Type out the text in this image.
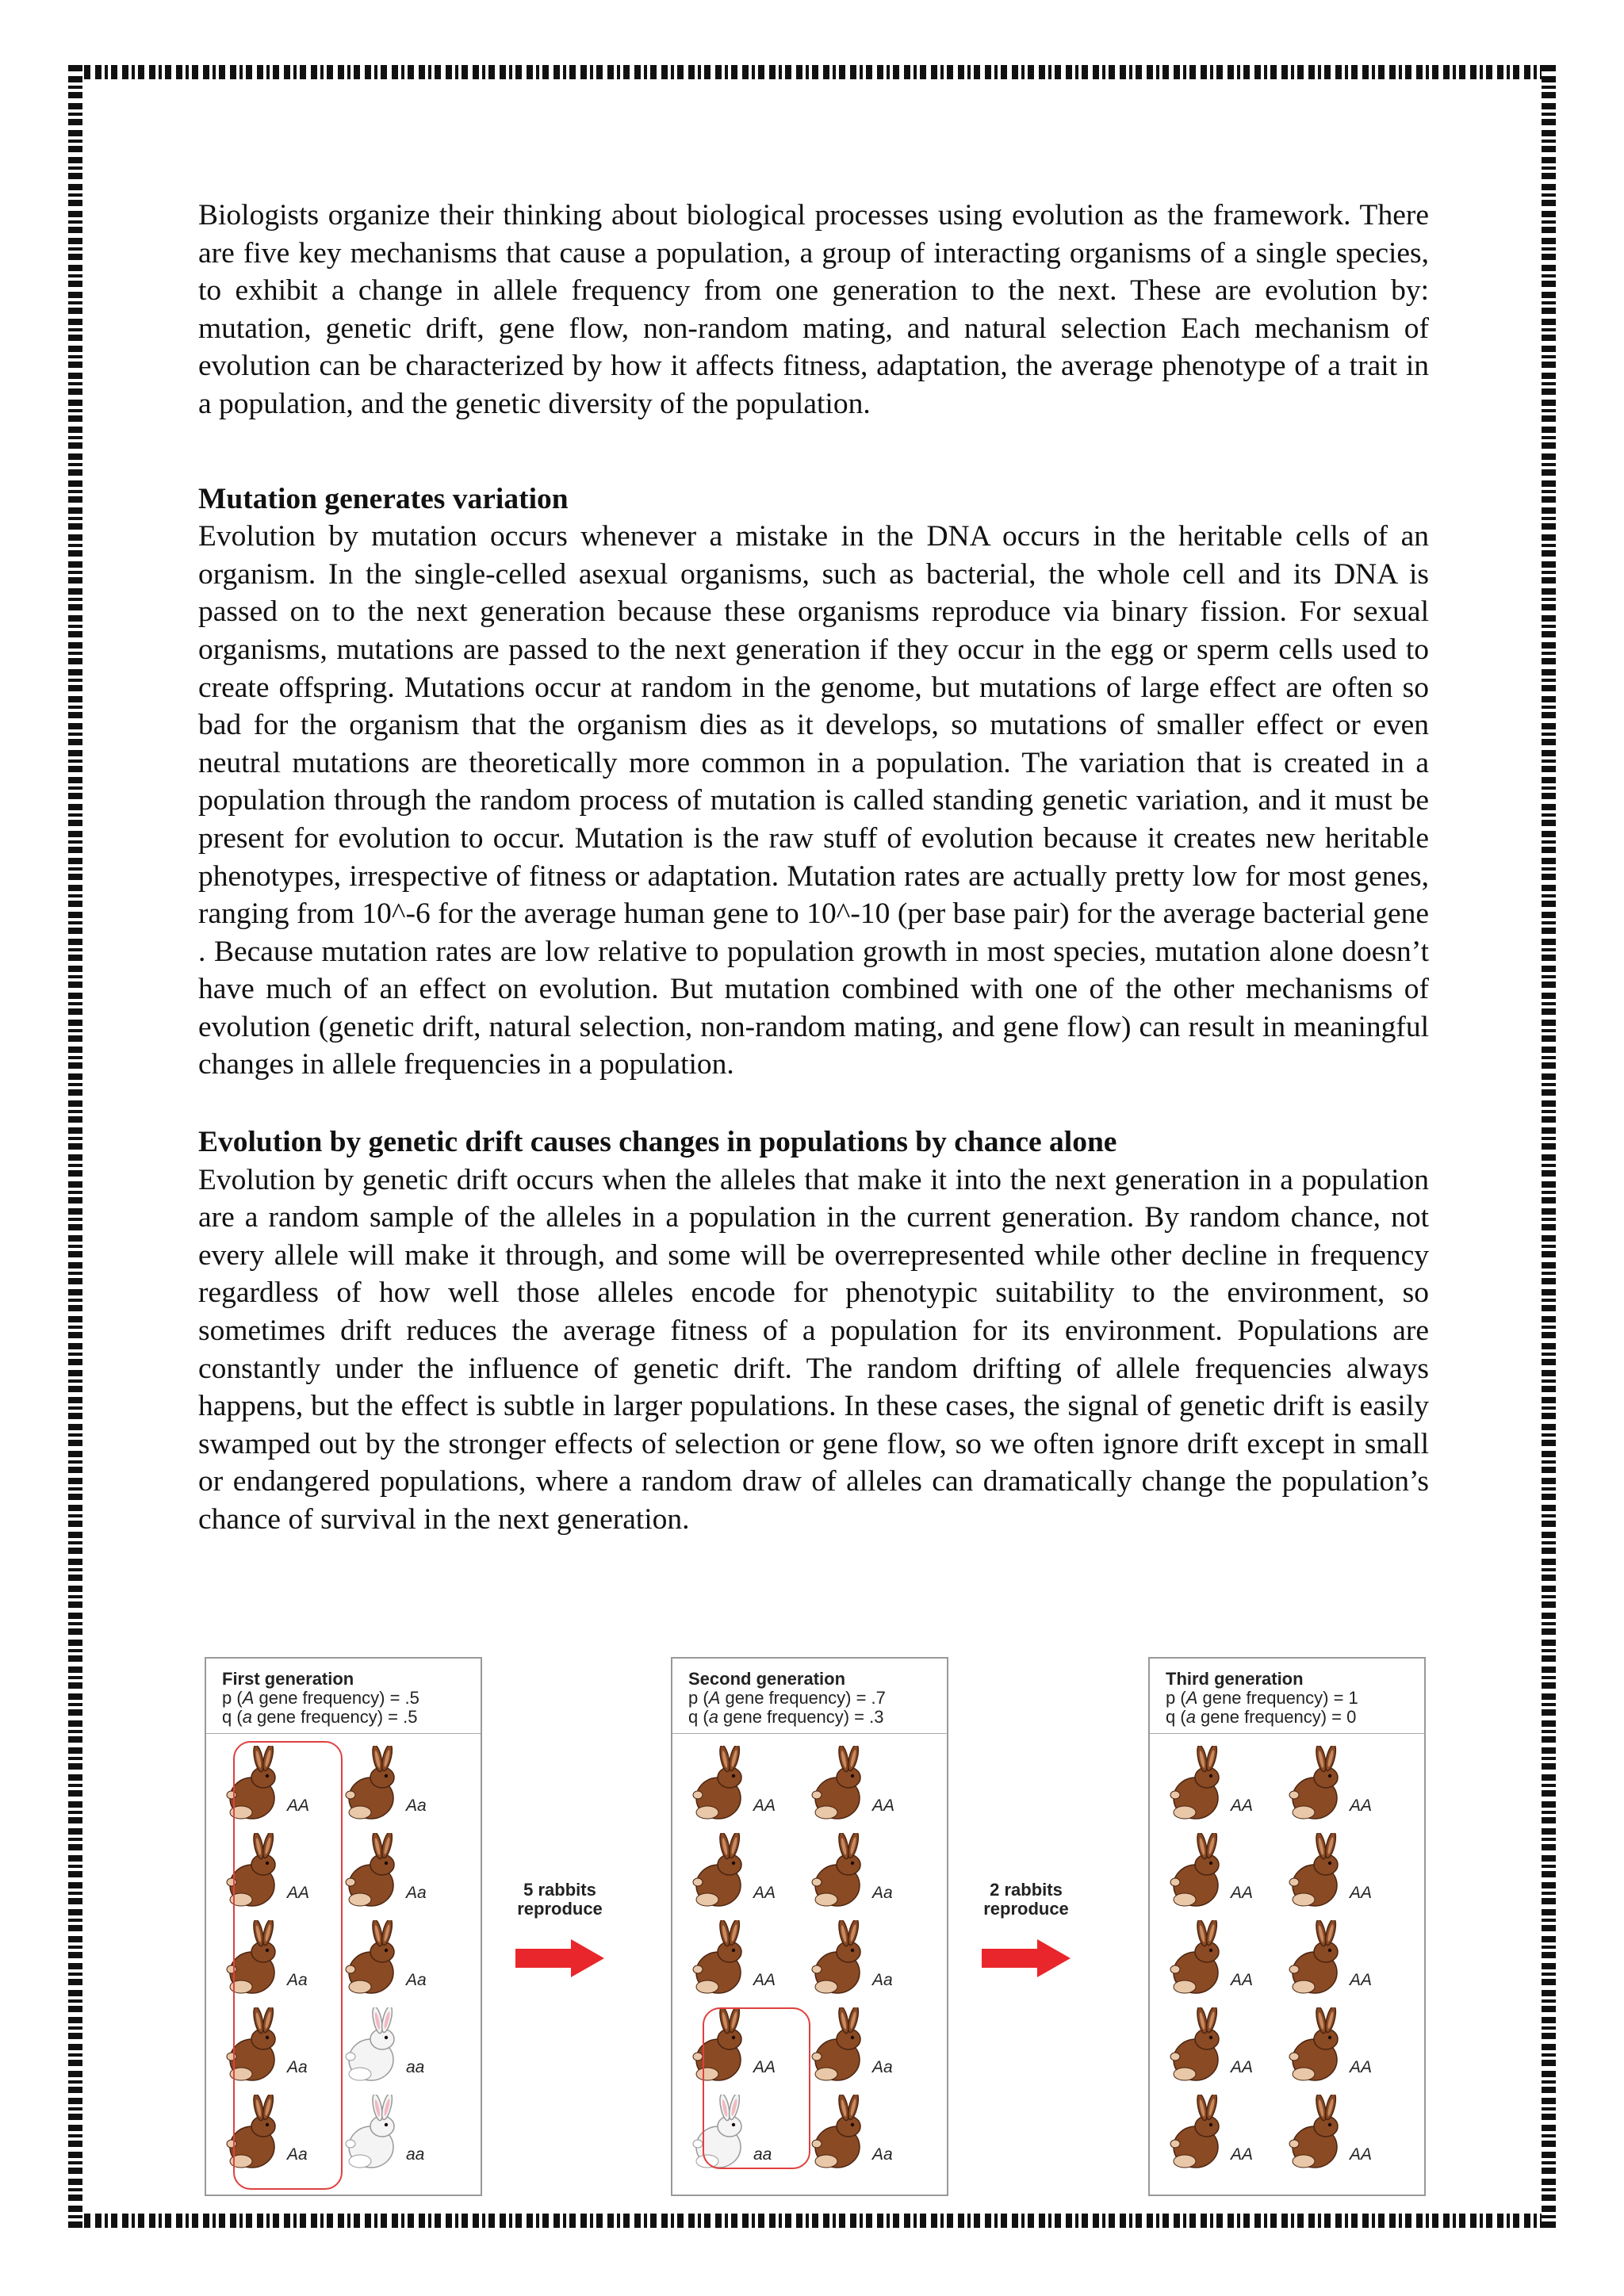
Biologists organize their thinking about biological processes using evolution as the framework. There are five key mechanisms that cause a population, a group of interacting organisms of a single species, to exhibit a change in allele frequency from one generation to the next. These are evolution by: mutation, genetic drift, gene flow, non-random mating, and natural selection Each mechanism of evolution can be characterized by how it affects fitness, adaptation, the average phenotype of a trait in a population, and the genetic diversity of the population.

Mutation generates variation

Evolution by mutation occurs whenever a mistake in the DNA occurs in the heritable cells of an organism. In the single-celled asexual organisms, such as bacterial, the whole cell and its DNA is passed on to the next generation because these organisms reproduce via binary fission. For sexual organisms, mutations are passed to the next generation if they occur in the egg or sperm cells used to create offspring. Mutations occur at random in the genome, but mutations of large effect are often so bad for the organism that the organism dies as it develops, so mutations of smaller effect or even neutral mutations are theoretically more common in a population. The variation that is created in a population through the random process of mutation is called standing genetic variation, and it must be present for evolution to occur. Mutation is the raw stuff of evolution because it creates new heritable phenotypes, irrespective of fitness or adaptation. Mutation rates are actually pretty low for most genes, ranging from 10^-6 for the average human gene to 10^-10 (per base pair) for the average bacterial gene . Because mutation rates are low relative to population growth in most species, mutation alone doesn’t have much of an effect on evolution. But mutation combined with one of the other mechanisms of evolution (genetic drift, natural selection, non-random mating, and gene flow) can result in meaningful changes in allele frequencies in a population.

Evolution by genetic drift causes changes in populations by chance alone

Evolution by genetic drift occurs when the alleles that make it into the next generation in a population are a random sample of the alleles in a population in the current generation. By random chance, not every allele will make it through, and some will be overrepresented while other decline in frequency regardless of how well those alleles encode for phenotypic suitability to the environment, so sometimes drift reduces the average fitness of a population for its environment. Populations are constantly under the influence of genetic drift. The random drifting of allele frequencies always happens, but the effect is subtle in larger populations. In these cases, the signal of genetic drift is easily swamped out by the stronger effects of selection or gene flow, so we often ignore drift except in small or endangered populations, where a random draw of alleles can dramatically change the population’s chance of survival in the next generation.

First generation
p (A gene frequency) = .5
q (a gene frequency) = .5
AA	Aa
AA	Aa
Aa	Aa
Aa	aa
Aa	aa
5 rabbits
reproduce
Second generation
p (A gene frequency) = .7
q (a gene frequency) = .3
AA	AA
AA	Aa
AA	Aa
AA	Aa
aa	Aa
2 rabbits
reproduce
Third generation
p (A gene frequency) = 1
q (a gene frequency) = 0
AA	AA
AA	AA
AA	AA
AA	AA
AA	AA
